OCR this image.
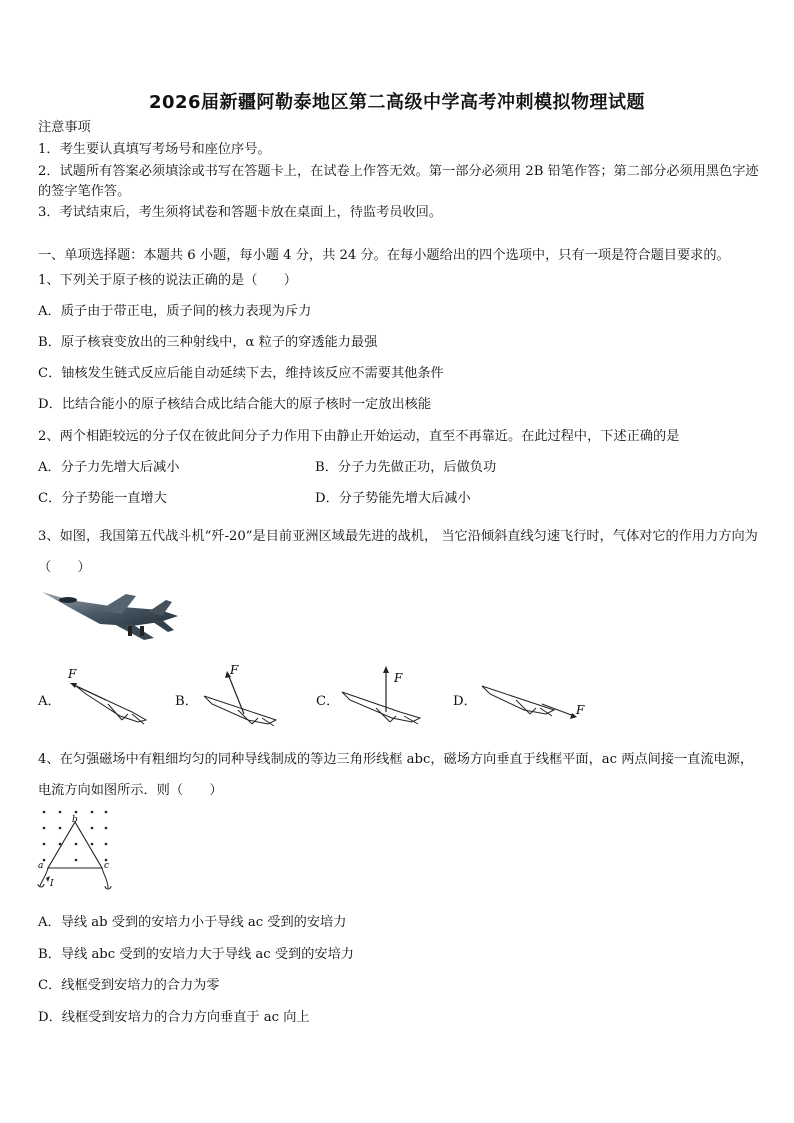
2026届新疆阿勒泰地区第二高级中学高考冲刺模拟物理试题
注意事项
1．考生要认真填写考场号和座位序号。
2．试题所有答案必须填涂或书写在答题卡上，在试卷上作答无效。第一部分必须用 2B 铅笔作答；第二部分必须用黑色字迹的签字笔作答。
3．考试结束后，考生须将试卷和答题卡放在桌面上，待监考员收回。
一、单项选择题：本题共 6 小题，每小题 4 分，共 24 分。在每小题给出的四个选项中，只有一项是符合题目要求的。
1、下列关于原子核的说法正确的是（　　）
A．质子由于带正电，质子间的核力表现为斥力
B．原子核衰变放出的三种射线中，α 粒子的穿透能力最强
C．铀核发生链式反应后能自动延续下去，维持该反应不需要其他条件
D．比结合能小的原子核结合成比结合能大的原子核时一定放出核能
2、两个相距较远的分子仅在彼此间分子力作用下由静止开始运动，直至不再靠近。在此过程中，下述正确的是
A．分子力先增大后减小	B．分子力先做正功，后做负功
C．分子势能一直增大	D．分子势能先增大后减小
3、如图，我国第五代战斗机“歼-20”是目前亚洲区域最先进的战机， 当它沿倾斜直线匀速飞行时，气体对它的作用力方向为（　　）
A．
F
B．
F
C．
F
D．
F
4、在匀强磁场中有粗细均匀的同种导线制成的等边三角形线框 abc，磁场方向垂直于线框平面，ac 两点间接一直流电源，电流方向如图所示．则（　　）
b
a	c
I
A．导线 ab 受到的安培力小于导线 ac 受到的安培力
B．导线 abc 受到的安培力大于导线 ac 受到的安培力
C．线框受到安培力的合力为零
D．线框受到安培力的合力方向垂直于 ac 向上
